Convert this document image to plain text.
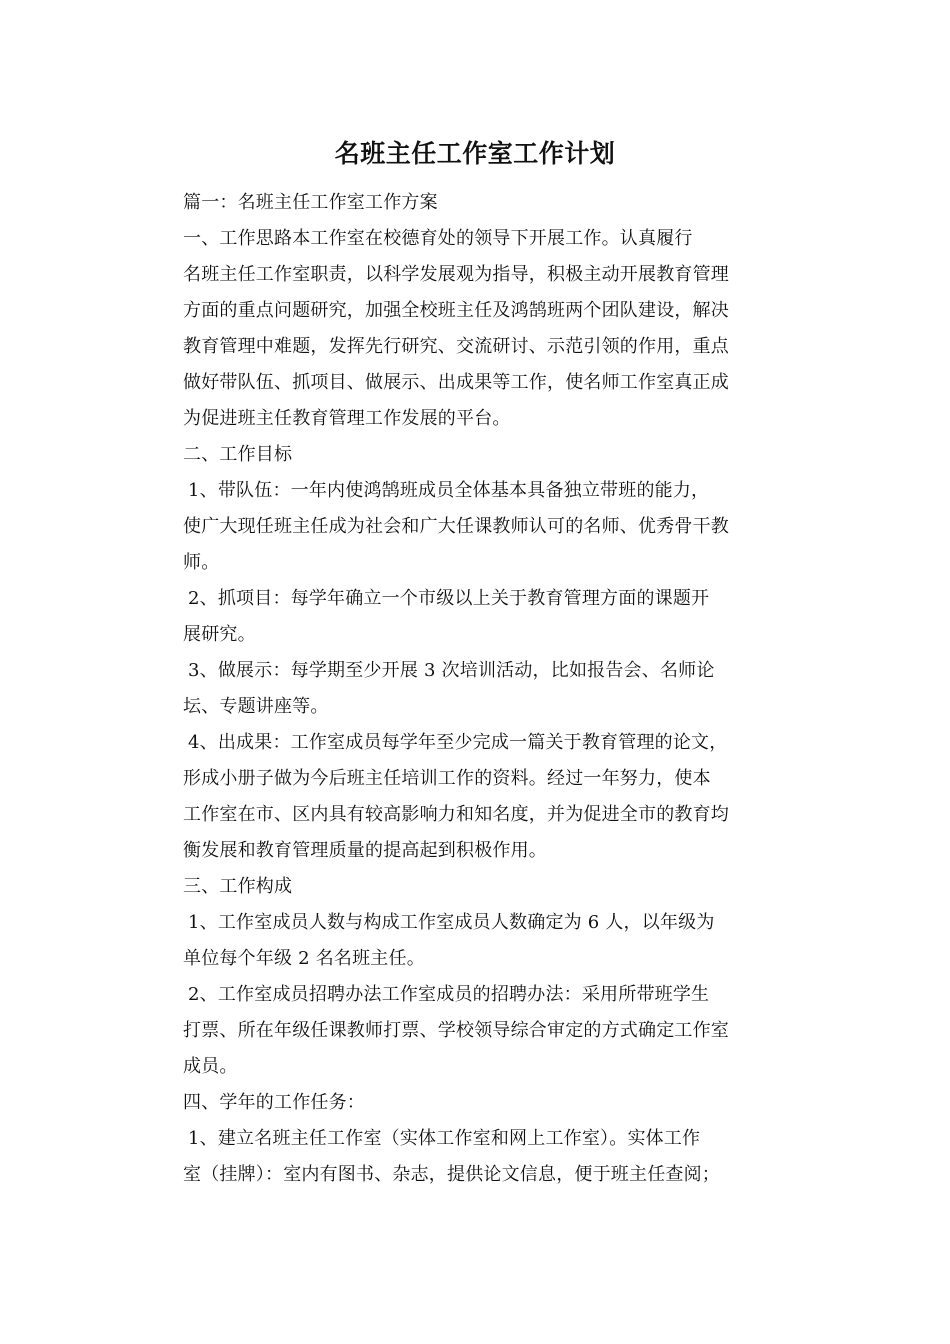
名班主任工作室工作计划
篇一：名班主任工作室工作方案
一、工作思路本工作室在校德育处的领导下开展工作。认真履行
名班主任工作室职责，以科学发展观为指导，积极主动开展教育管理
方面的重点问题研究，加强全校班主任及鸿鹄班两个团队建设，解决
教育管理中难题，发挥先行研究、交流研讨、示范引领的作用，重点
做好带队伍、抓项目、做展示、出成果等工作，使名师工作室真正成
为促进班主任教育管理工作发展的平台。
二、工作目标
1、带队伍：一年内使鸿鹄班成员全体基本具备独立带班的能力，
使广大现任班主任成为社会和广大任课教师认可的名师、优秀骨干教
师。
2、抓项目：每学年确立一个市级以上关于教育管理方面的课题开
展研究。
3、做展示：每学期至少开展 3 次培训活动，比如报告会、名师论
坛、专题讲座等。
4、出成果：工作室成员每学年至少完成一篇关于教育管理的论文，
形成小册子做为今后班主任培训工作的资料。经过一年努力，使本
工作室在市、区内具有较高影响力和知名度，并为促进全市的教育均
衡发展和教育管理质量的提高起到积极作用。
三、工作构成
1、工作室成员人数与构成工作室成员人数确定为 6 人，以年级为
单位每个年级 2 名名班主任。
2、工作室成员招聘办法工作室成员的招聘办法：采用所带班学生
打票、所在年级任课教师打票、学校领导综合审定的方式确定工作室
成员。
四、学年的工作任务：
1、建立名班主任工作室（实体工作室和网上工作室）。实体工作
室（挂牌）：室内有图书、杂志，提供论文信息，便于班主任查阅；
